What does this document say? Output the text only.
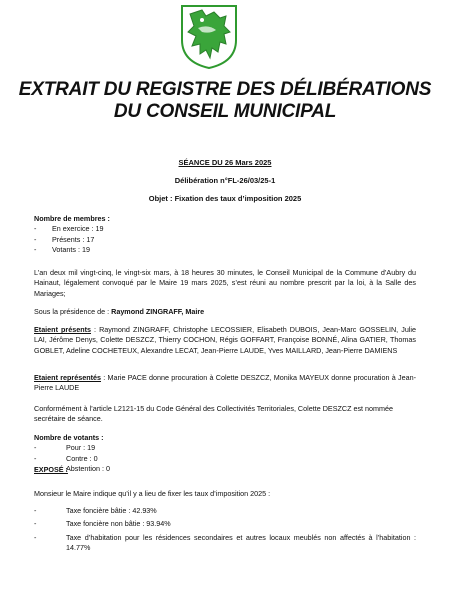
EXTRAIT DU REGISTRE DES DÉLIBÉRATIONS
DU CONSEIL MUNICIPAL
SÉANCE DU 26 Mars 2025
Délibération n°FL-26/03/25-1
Objet : Fixation des taux d’imposition 2025
Nombre de membres :
- En exercice : 19
- Présents : 17
- Votants : 19
L’an deux mil vingt-cinq, le vingt-six mars, à 18 heures 30 minutes, le Conseil Municipal de la Commune d’Aubry du Hainaut, légalement convoqué par le Maire 19 mars 2025, s’est réuni au nombre prescrit par la loi, à la Salle des Mariages;
Sous la présidence de : Raymond ZINGRAFF, Maire
Etaient présents : Raymond ZINGRAFF, Christophe LECOSSIER, Elisabeth DUBOIS, Jean-Marc GOSSELIN, Julie LAI, Jérôme Denys, Colette DESZCZ, Thierry COCHON, Régis GOFFART, Françoise BONNÉ, Alina GATIER, Thomas GOBLET, Adeline COCHETEUX, Alexandre LECAT, Jean-Pierre LAUDE, Yves MAILLARD, Jean-Pierre DAMIENS
Etaient représentés : Marie PACE donne procuration à Colette DESZCZ, Monika MAYEUX donne procuration à Jean-Pierre LAUDE
Conformément à l’article L2121-15 du Code Général des Collectivités Territoriales, Colette DESZCZ est nommée secrétaire de séance.
Nombre de votants :
- Pour : 19
- Contre : 0
- Abstention : 0
EXPOSÉ :
Monsieur le Maire indique qu’il y a lieu de fixer les taux d’imposition 2025 :
- Taxe foncière bâtie : 42.93%
- Taxe foncière non bâtie : 93.94%
- Taxe d’habitation pour les résidences secondaires et autres locaux meublés non affectés à l’habitation : 14.77%
